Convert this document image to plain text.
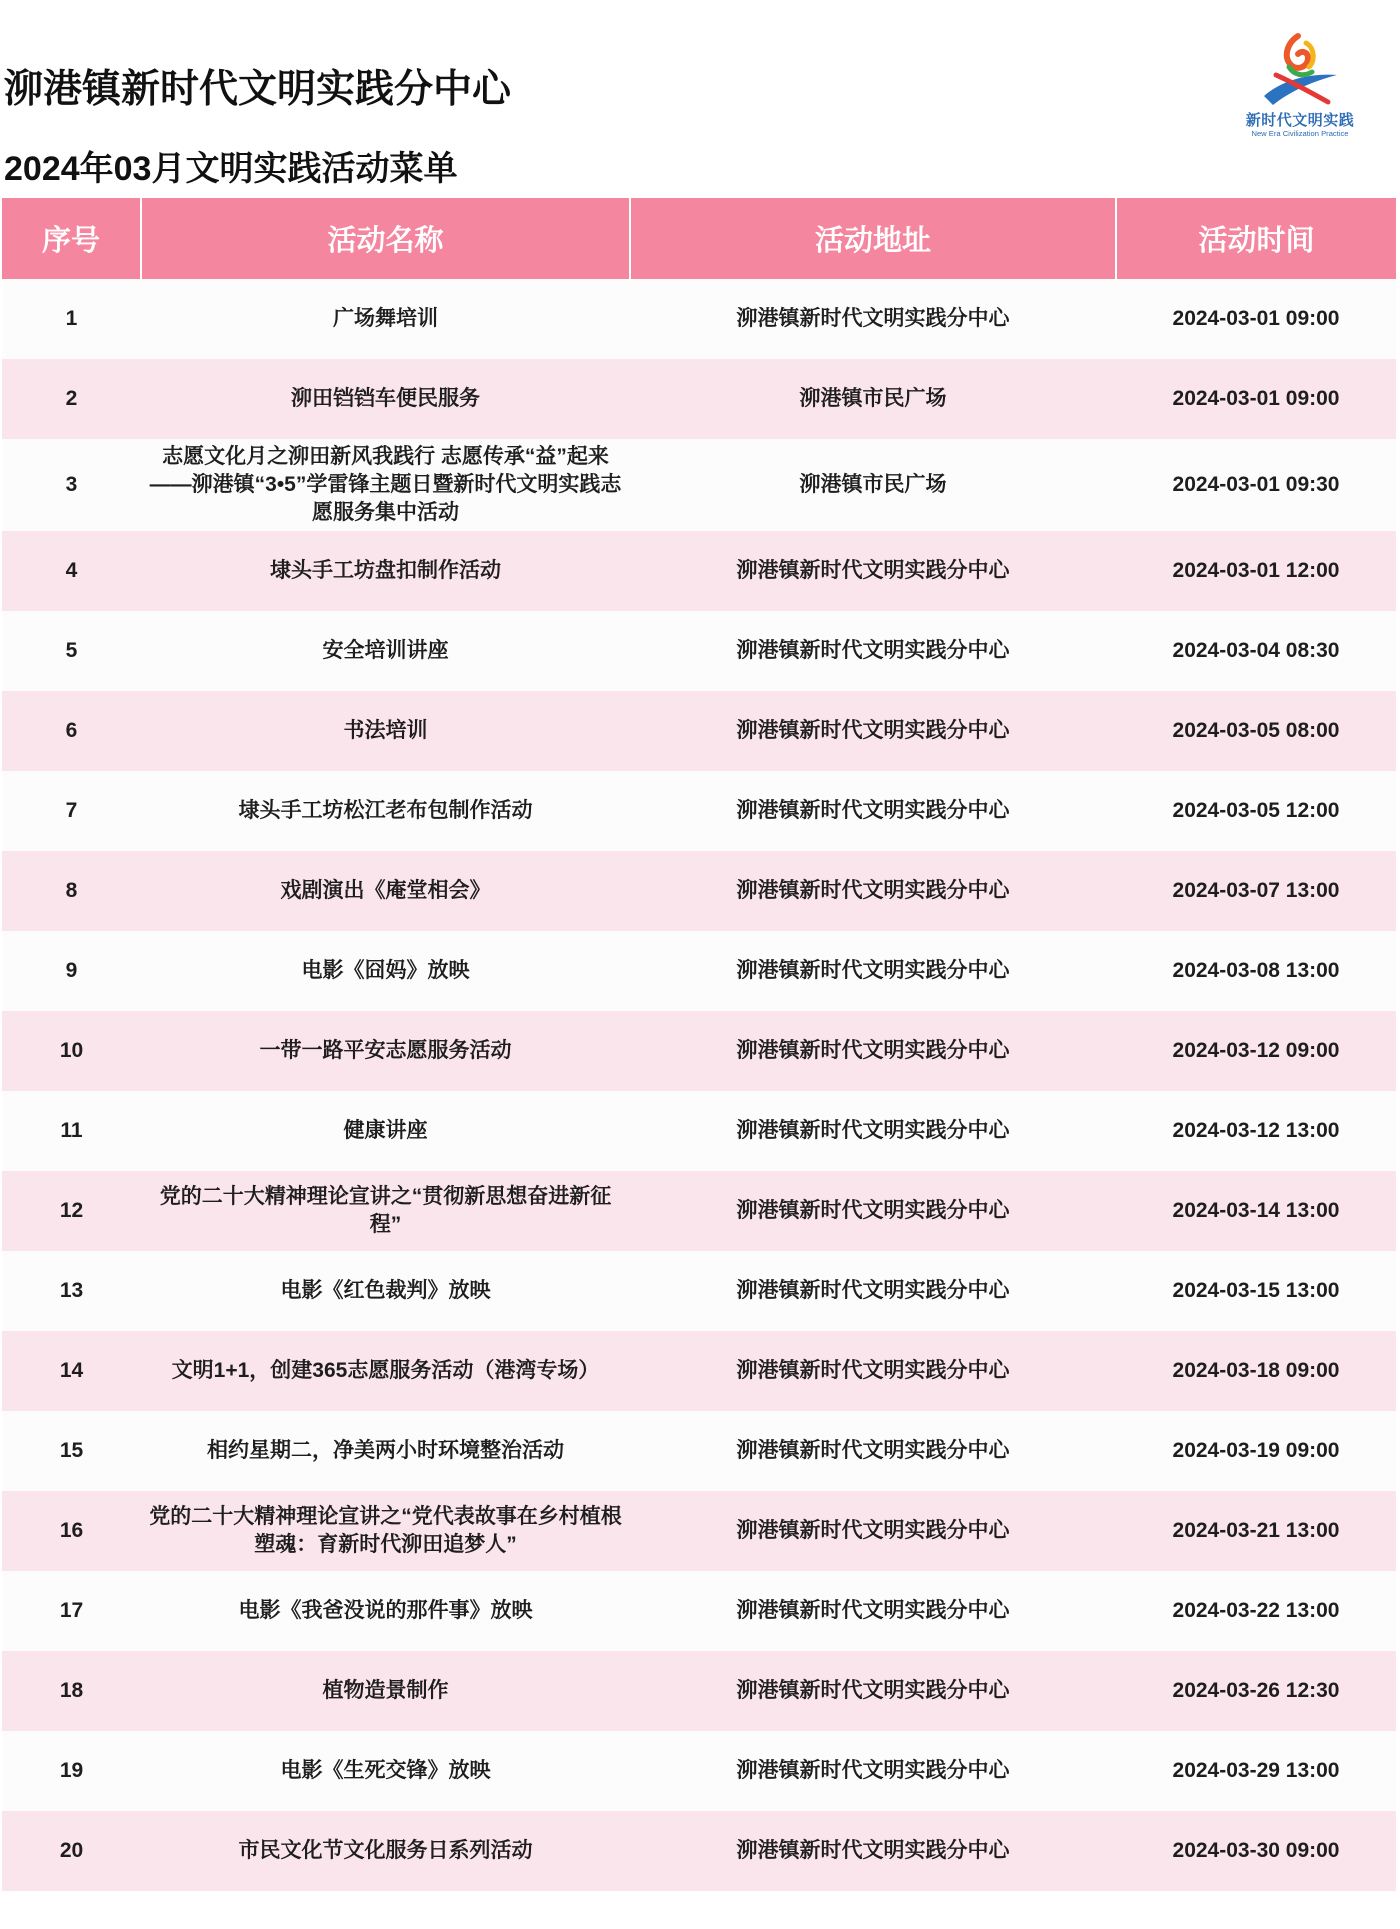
泖港镇新时代文明实践分中心
2024年03月文明实践活动菜单
新时代文明实践
New Era Civilization Practice
序号	活动名称	活动地址	活动时间
1	广场舞培训	泖港镇新时代文明实践分中心	2024-03-01 09:00
2	泖田铛铛车便民服务	泖港镇市民广场	2024-03-01 09:00
3	志愿文化月之泖田新风我践行 志愿传承“益”起来 ——泖港镇“3•5”学雷锋主题日暨新时代文明实践志愿服务集中活动	泖港镇市民广场	2024-03-01 09:30
4	埭头手工坊盘扣制作活动	泖港镇新时代文明实践分中心	2024-03-01 12:00
5	安全培训讲座	泖港镇新时代文明实践分中心	2024-03-04 08:30
6	书法培训	泖港镇新时代文明实践分中心	2024-03-05 08:00
7	埭头手工坊松江老布包制作活动	泖港镇新时代文明实践分中心	2024-03-05 12:00
8	戏剧演出《庵堂相会》	泖港镇新时代文明实践分中心	2024-03-07 13:00
9	电影《囧妈》放映	泖港镇新时代文明实践分中心	2024-03-08 13:00
10	一带一路平安志愿服务活动	泖港镇新时代文明实践分中心	2024-03-12 09:00
11	健康讲座	泖港镇新时代文明实践分中心	2024-03-12 13:00
12	党的二十大精神理论宣讲之“贯彻新思想奋进新征程”	泖港镇新时代文明实践分中心	2024-03-14 13:00
13	电影《红色裁判》放映	泖港镇新时代文明实践分中心	2024-03-15 13:00
14	文明1+1，创建365志愿服务活动（港湾专场）	泖港镇新时代文明实践分中心	2024-03-18 09:00
15	相约星期二，净美两小时环境整治活动	泖港镇新时代文明实践分中心	2024-03-19 09:00
16	党的二十大精神理论宣讲之“党代表故事在乡村植根塑魂：育新时代泖田追梦人”	泖港镇新时代文明实践分中心	2024-03-21 13:00
17	电影《我爸没说的那件事》放映	泖港镇新时代文明实践分中心	2024-03-22 13:00
18	植物造景制作	泖港镇新时代文明实践分中心	2024-03-26 12:30
19	电影《生死交锋》放映	泖港镇新时代文明实践分中心	2024-03-29 13:00
20	市民文化节文化服务日系列活动	泖港镇新时代文明实践分中心	2024-03-30 09:00
